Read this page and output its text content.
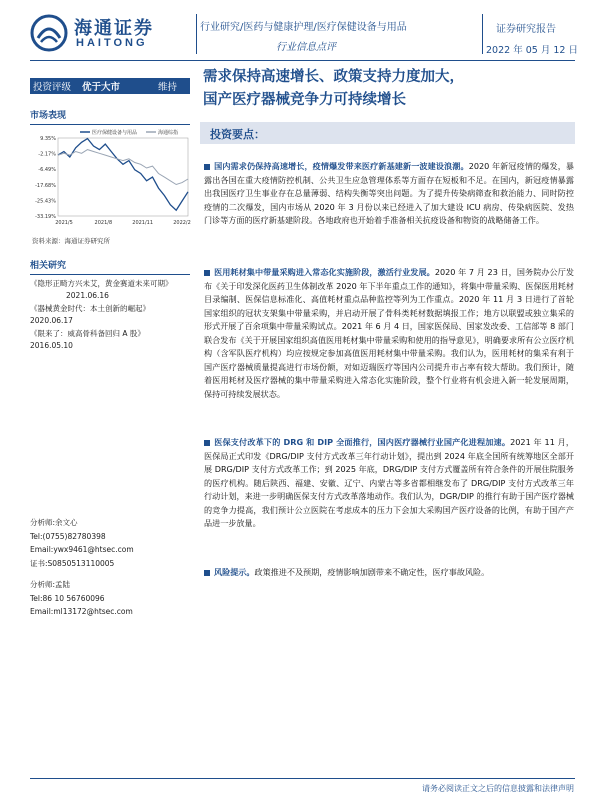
海通证券
HAITONG
行业研究/医药与健康护理/医疗保健设备与用品
行业信息点评
证券研究报告
2022 年 05 月 12 日
投资评级 优于大市	维持
市场表现
9.35%
-2.17%
-6.49%
-17.68%
-25.43%
-33.19%
2021/5	2021/8	2021/11	2022/2
医疗保健设备与用品	海通综指
资料来源：海通证券研究所
相关研究
《隐形正畸方兴未艾，黄金赛道未来可期》
2021.06.16
《器械黄金时代：本土创新的崛起》
2020.06.17
《限来了：威高骨科备回归 A 股》
2016.05.10
分析师:余文心
Tel:(0755)82780398
Email:ywx9461@htsec.com
证书:S0850513110005
分析师:孟陆
Tel:86 10 56760096
Email:ml13172@htsec.com
需求保持高速增长、政策支持力度加大，
国产医疗器械竞争力可持续增长
投资要点：
国内需求仍保持高速增长，疫情爆发带来医疗新基建新一波建设浪潮。2020 年新冠疫情的爆发，暴露出各国在重大疫情防控机制、公共卫生应急管理体系等方面存在短板和不足。在国内，新冠疫情暴露出我国医疗卫生事业存在总量薄弱、结构失衡等突出问题。为了提升传染病筛查和救治能力、同时防控疫情的二次爆发，国内市场从 2020 年 3 月份以来已经进入了加大建设 ICU 病房、传染病医院、发热门诊等方面的医疗新基建阶段。各地政府也开始着手准备相关抗疫设备和物资的战略储备工作。
医用耗材集中带量采购进入常态化实施阶段，激活行业发展。2020 年 7 月 23 日，国务院办公厅发布《关于印发深化医药卫生体制改革 2020 年下半年重点工作的通知》，将集中带量采购、医保医用耗材目录编制、医保信息标准化、高值耗材重点品种监控等列为工作重点。2020 年 11 月 3 日进行了首轮国家组织的冠状支架集中带量采购，并启动开展了骨科类耗材数据填报工作；地方以联盟或独立集采的形式开展了百余项集中带量采购试点。2021 年 6 月 4 日，国家医保局、国家发改委、工信部等 8 部门联合发布《关于开展国家组织高值医用耗材集中带量采购和使用的指导意见》，明确要求所有公立医疗机构（含军队医疗机构）均应按规定参加高值医用耗材集中带量采购。我们认为，医用耗材的集采有利于国产医疗器械质量提高进行市场份额，对如迈瑞医疗等国内公司提升市占率有较大帮助。我们预计，随着医用耗材及医疗器械的集中带量采购进入常态化实施阶段，整个行业将有机会进入新一轮发展周期，保持可持续发展状态。
医保支付改革下的 DRG 和 DIP 全面推行，国内医疗器械行业国产化进程加速。2021 年 11 月，医保局正式印发《DRG/DIP 支付方式改革三年行动计划》，提出到 2024 年底全国所有统筹地区全部开展 DRG/DIP 支付方式改革工作；到 2025 年底，DRG/DIP 支付方式覆盖所有符合条件的开展住院服务的医疗机构。随后陕西、福建、安徽、辽宁、内蒙古等多省都相继发布了 DRG/DIP 支付方式改革三年行动计划，来进一步明确医保支付方式改革落地动作。我们认为，DGR/DIP 的推行有助于国产医疗器械的竞争力提高，我们预计公立医院在考虑成本的压力下会加大采购国产医疗设备的比例，有助于国产产品进一步放量。
风险提示。政策推进不及预期，疫情影响加剧带来不确定性，医疗事故风险。
请务必阅读正文之后的信息披露和法律声明
